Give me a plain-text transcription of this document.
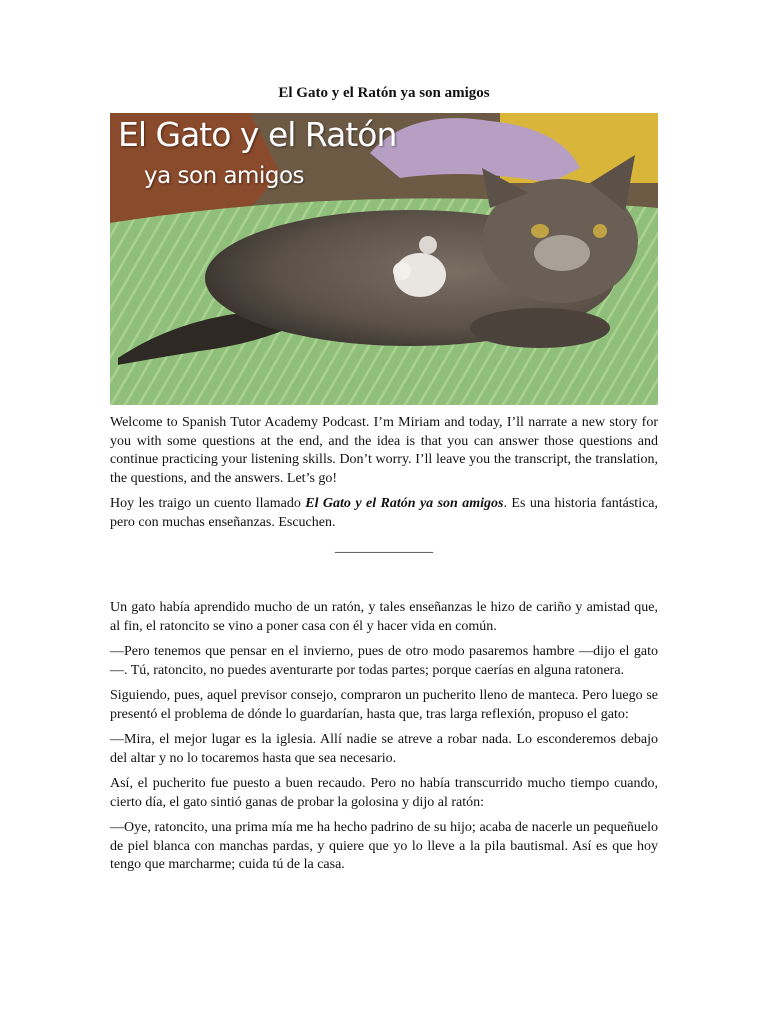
El Gato y el Ratón ya son amigos
El Gato y el Ratón
ya son amigos

Welcome to Spanish Tutor Academy Podcast. I’m Miriam and today, I’ll narrate a new story for you with some questions at the end, and the idea is that you can answer those questions and continue practicing your listening skills. Don’t worry. I’ll leave you the transcript, the translation, the questions, and the answers. Let’s go!

Hoy les traigo un cuento llamado El Gato y el Ratón ya son amigos. Es una historia fantástica, pero con muchas enseñanzas. Escuchen.

______________

Un gato había aprendido mucho de un ratón, y tales enseñanzas le hizo de cariño y amistad que, al fin, el ratoncito se vino a poner casa con él y hacer vida en común.

—Pero tenemos que pensar en el invierno, pues de otro modo pasaremos hambre —dijo el gato—. Tú, ratoncito, no puedes aventurarte por todas partes; porque caerías en alguna ratonera.

Siguiendo, pues, aquel previsor consejo, compraron un pucherito lleno de manteca. Pero luego se presentó el problema de dónde lo guardarían, hasta que, tras larga reflexión, propuso el gato:

—Mira, el mejor lugar es la iglesia. Allí nadie se atreve a robar nada. Lo esconderemos debajo del altar y no lo tocaremos hasta que sea necesario.

Así, el pucherito fue puesto a buen recaudo. Pero no había transcurrido mucho tiempo cuando, cierto día, el gato sintió ganas de probar la golosina y dijo al ratón:

—Oye, ratoncito, una prima mía me ha hecho padrino de su hijo; acaba de nacerle un pequeñuelo de piel blanca con manchas pardas, y quiere que yo lo lleve a la pila bautismal. Así es que hoy tengo que marcharme; cuida tú de la casa.
